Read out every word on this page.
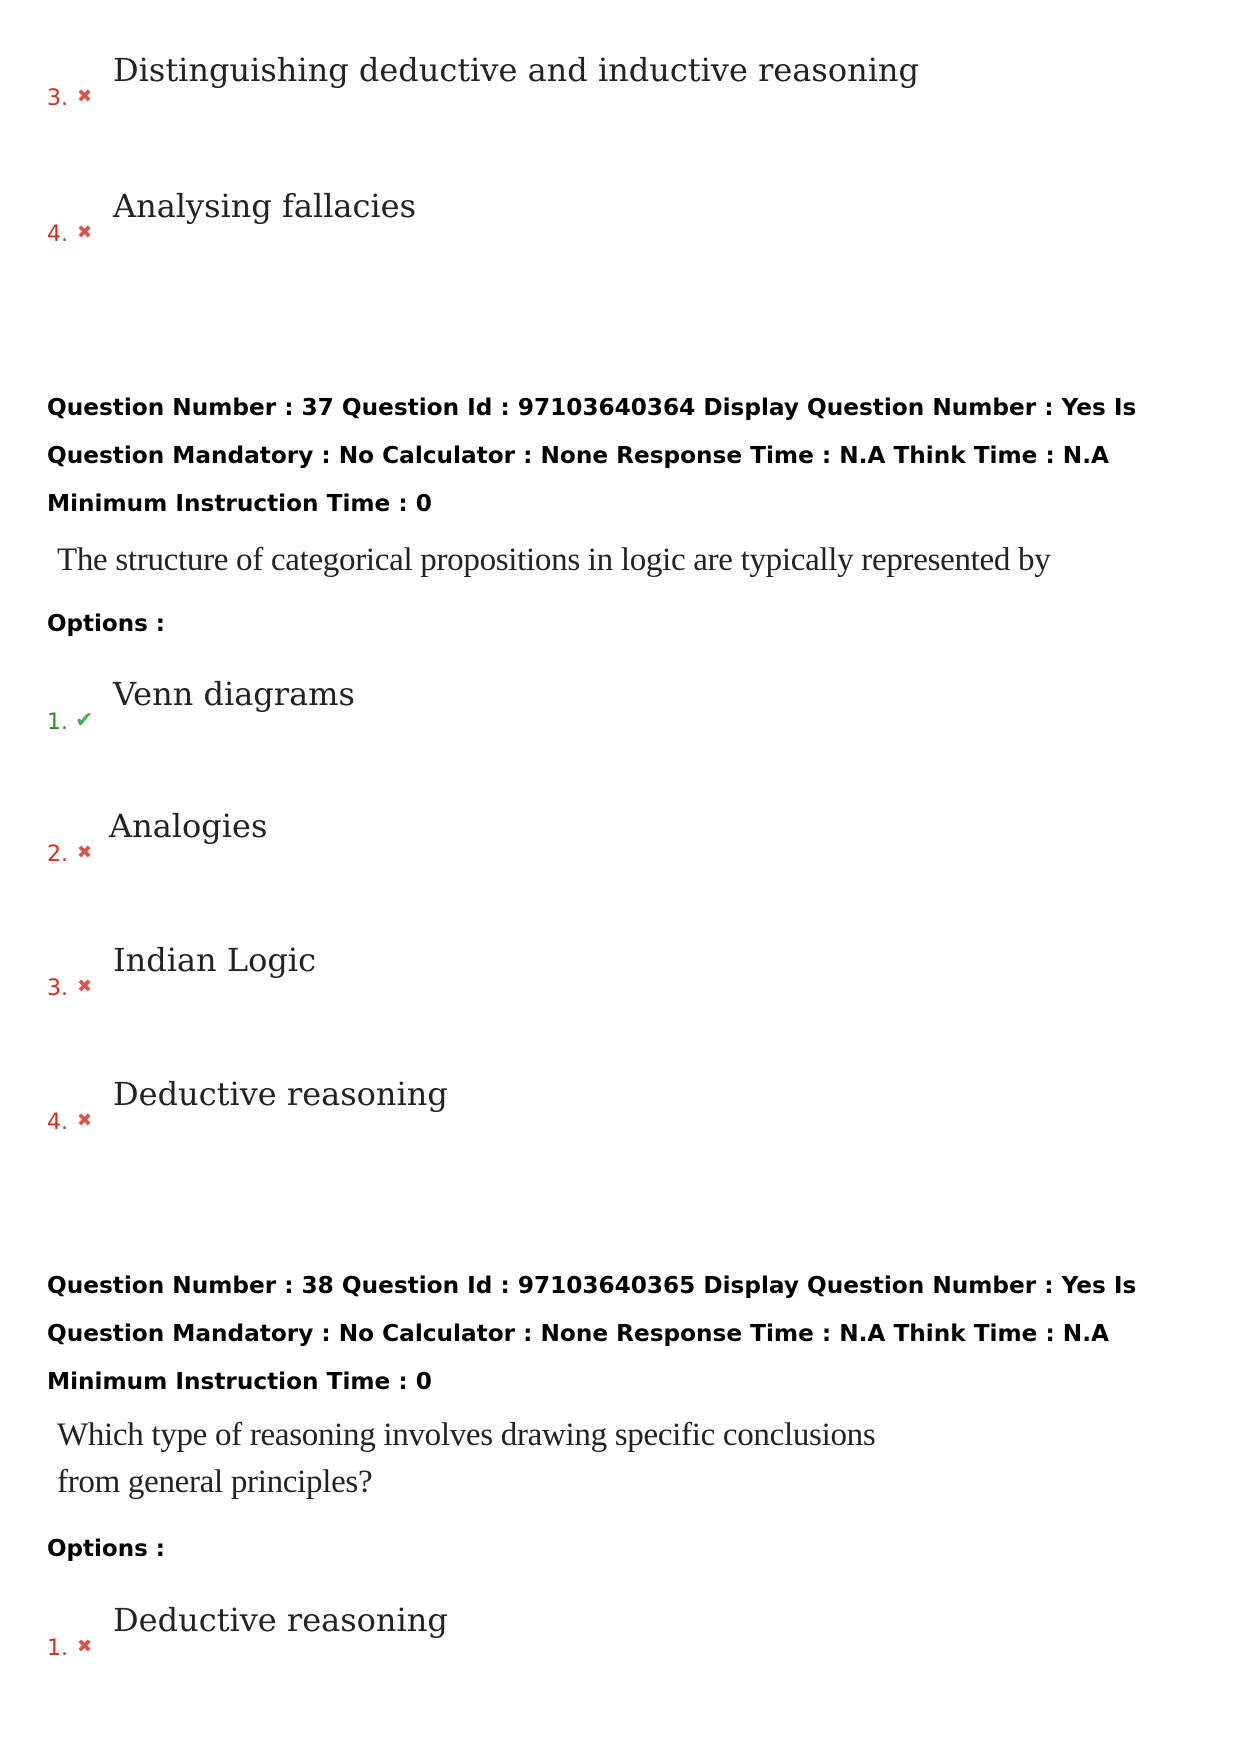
3. ✖
Distinguishing deductive and inductive reasoning
4. ✖
Analysing fallacies

Question Number : 37 Question Id : 97103640364 Display Question Number : Yes Is Question Mandatory : No Calculator : None Response Time : N.A Think Time : N.A Minimum Instruction Time : 0

The structure of categorical propositions in logic are typically represented by

Options :
1. ✔
Venn diagrams
2. ✖
Analogies
3. ✖
Indian Logic
4. ✖
Deductive reasoning

Question Number : 38 Question Id : 97103640365 Display Question Number : Yes Is Question Mandatory : No Calculator : None Response Time : N.A Think Time : N.A Minimum Instruction Time : 0

Which type of reasoning involves drawing specific conclusions from general principles?

Options :
1. ✖
Deductive reasoning
